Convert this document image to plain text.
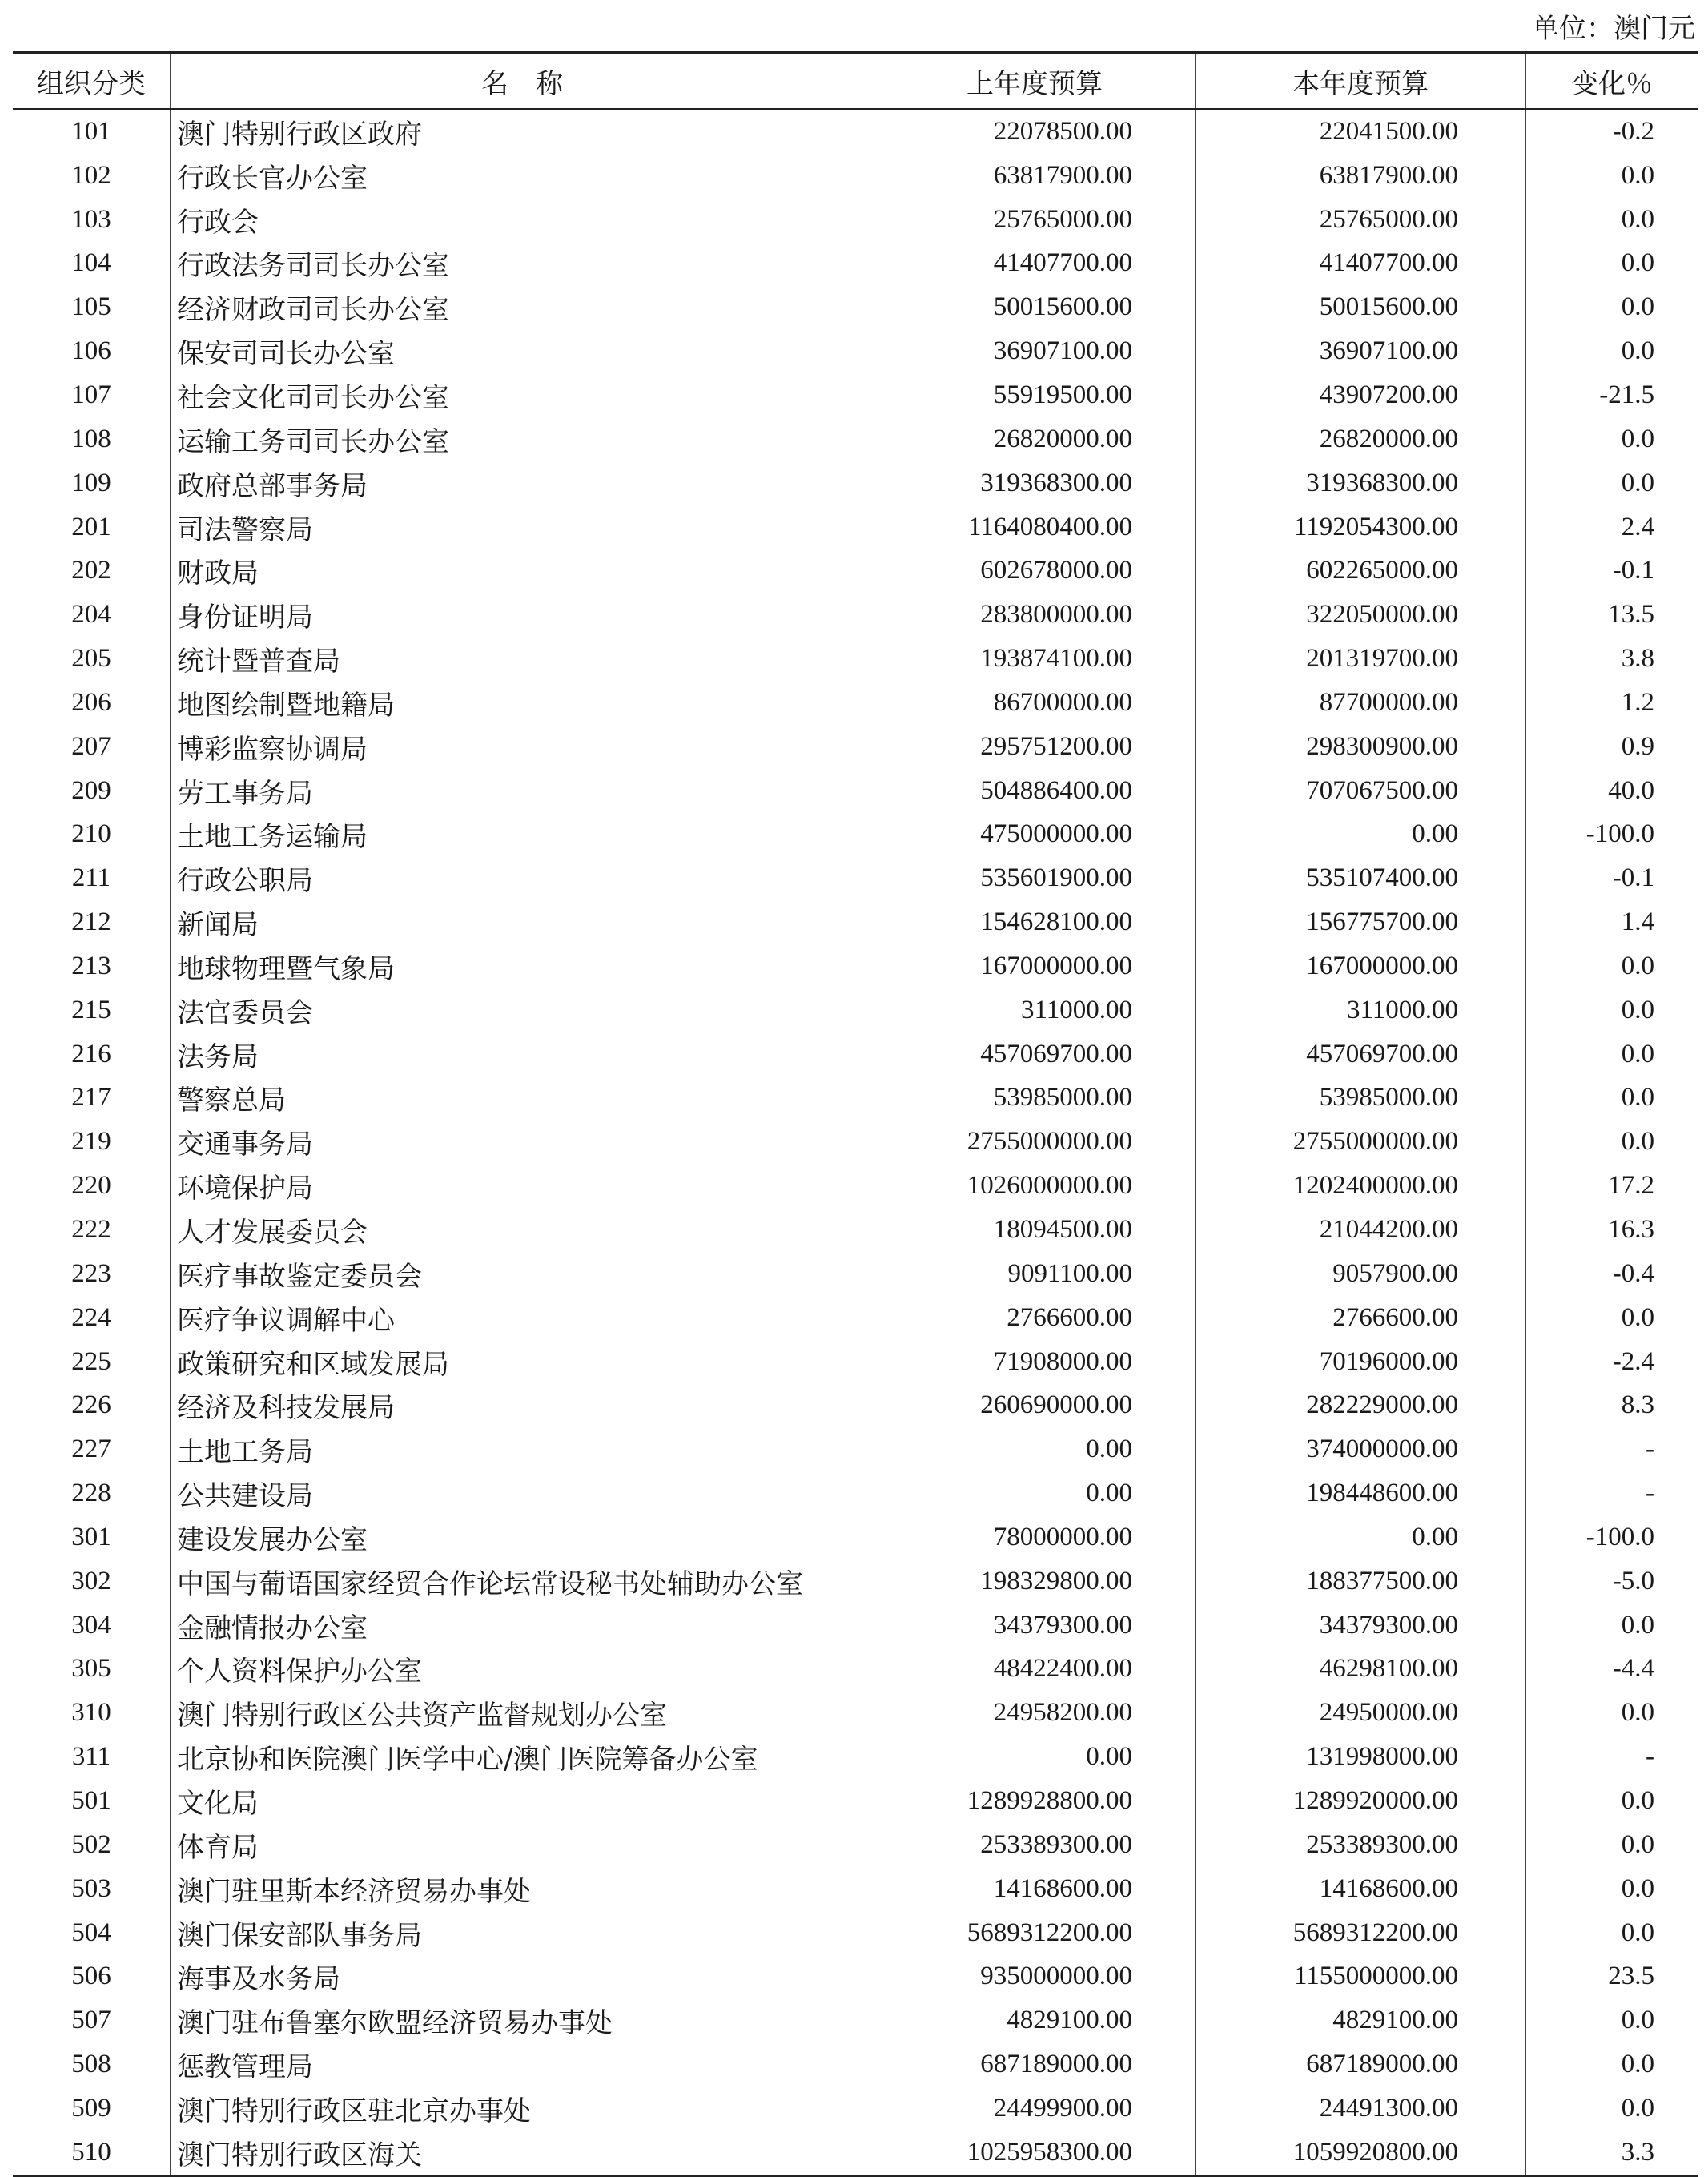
单位：澳门元
组织分类	名　称	上年度预算	本年度预算	变化％
101	澳门特别行政区政府	22078500.00	22041500.00	-0.2
102	行政长官办公室	63817900.00	63817900.00	0.0
103	行政会	25765000.00	25765000.00	0.0
104	行政法务司司长办公室	41407700.00	41407700.00	0.0
105	经济财政司司长办公室	50015600.00	50015600.00	0.0
106	保安司司长办公室	36907100.00	36907100.00	0.0
107	社会文化司司长办公室	55919500.00	43907200.00	-21.5
108	运输工务司司长办公室	26820000.00	26820000.00	0.0
109	政府总部事务局	319368300.00	319368300.00	0.0
201	司法警察局	1164080400.00	1192054300.00	2.4
202	财政局	602678000.00	602265000.00	-0.1
204	身份证明局	283800000.00	322050000.00	13.5
205	统计暨普查局	193874100.00	201319700.00	3.8
206	地图绘制暨地籍局	86700000.00	87700000.00	1.2
207	博彩监察协调局	295751200.00	298300900.00	0.9
209	劳工事务局	504886400.00	707067500.00	40.0
210	土地工务运输局	475000000.00	0.00	-100.0
211	行政公职局	535601900.00	535107400.00	-0.1
212	新闻局	154628100.00	156775700.00	1.4
213	地球物理暨气象局	167000000.00	167000000.00	0.0
215	法官委员会	311000.00	311000.00	0.0
216	法务局	457069700.00	457069700.00	0.0
217	警察总局	53985000.00	53985000.00	0.0
219	交通事务局	2755000000.00	2755000000.00	0.0
220	环境保护局	1026000000.00	1202400000.00	17.2
222	人才发展委员会	18094500.00	21044200.00	16.3
223	医疗事故鉴定委员会	9091100.00	9057900.00	-0.4
224	医疗争议调解中心	2766600.00	2766600.00	0.0
225	政策研究和区域发展局	71908000.00	70196000.00	-2.4
226	经济及科技发展局	260690000.00	282229000.00	8.3
227	土地工务局	0.00	374000000.00	-
228	公共建设局	0.00	198448600.00	-
301	建设发展办公室	78000000.00	0.00	-100.0
302	中国与葡语国家经贸合作论坛常设秘书处辅助办公室	198329800.00	188377500.00	-5.0
304	金融情报办公室	34379300.00	34379300.00	0.0
305	个人资料保护办公室	48422400.00	46298100.00	-4.4
310	澳门特别行政区公共资产监督规划办公室	24958200.00	24950000.00	0.0
311	北京协和医院澳门医学中心/澳门医院筹备办公室	0.00	131998000.00	-
501	文化局	1289928800.00	1289920000.00	0.0
502	体育局	253389300.00	253389300.00	0.0
503	澳门驻里斯本经济贸易办事处	14168600.00	14168600.00	0.0
504	澳门保安部队事务局	5689312200.00	5689312200.00	0.0
506	海事及水务局	935000000.00	1155000000.00	23.5
507	澳门驻布鲁塞尔欧盟经济贸易办事处	4829100.00	4829100.00	0.0
508	惩教管理局	687189000.00	687189000.00	0.0
509	澳门特别行政区驻北京办事处	24499900.00	24491300.00	0.0
510	澳门特别行政区海关	1025958300.00	1059920800.00	3.3
